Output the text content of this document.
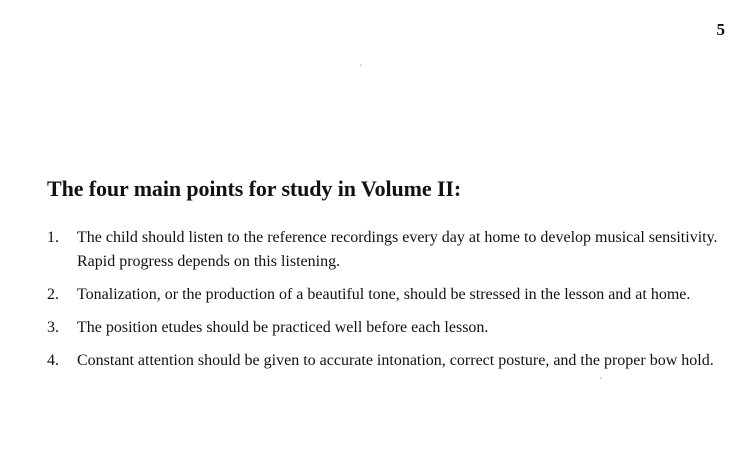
5
The four main points for study in Volume II:
1.	The child should listen to the reference recordings every day at home to develop musical sensitivity. Rapid progress depends on this listening.
2.	Tonalization, or the production of a beautiful tone, should be stressed in the lesson and at home.
3.	The position etudes should be practiced well before each lesson.
4.	Constant attention should be given to accurate intonation, correct posture, and the proper bow hold.
